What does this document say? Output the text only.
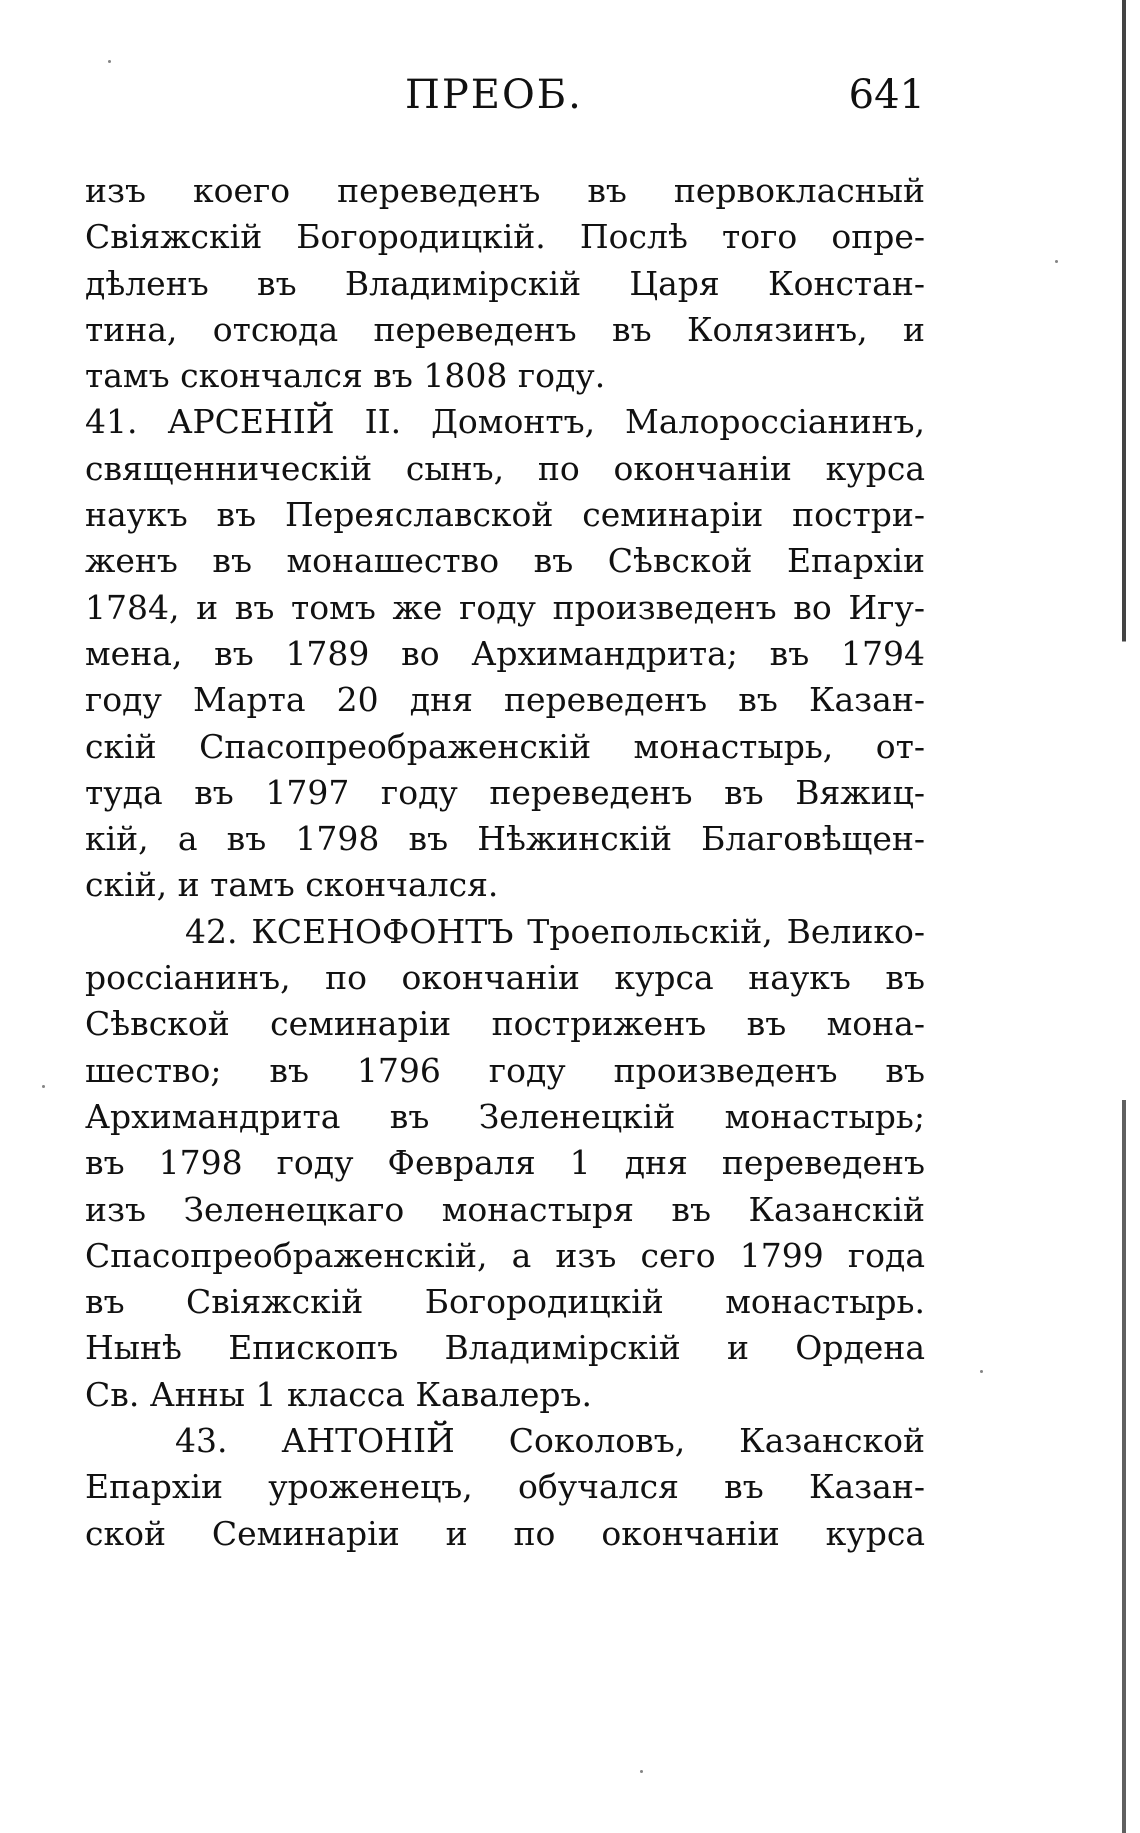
ПРЕОБ.	641
изъ коего переведенъ въ первокласный
Свіяжскій Богородицкій. Послѣ того опре-
дѣленъ въ Владимірскій Царя Констан-
тина, отсюда переведенъ въ Колязинъ, и
тамъ скончался въ 1808 году.
41. АРСЕНІЙ II. Домонтъ, Малороссіанинъ,
священническій сынъ, по окончаніи курса
наукъ въ Переяславской семинаріи постри-
женъ въ монашество въ Сѣвской Епархіи
1784, и въ томъ же году произведенъ во Игу-
мена, въ 1789 во Архимандрита; въ 1794
году Марта 20 дня переведенъ въ Казан-
скій Спасопреображенскій монастырь, от-
туда въ 1797 году переведенъ въ Вяжиц-
кій, а въ 1798 въ Нѣжинскій Благовѣщен-
скій, и тамъ скончался.
42. КСЕНОФОНТЪ Троепольскій, Велико-
россіанинъ, по окончаніи курса наукъ въ
Сѣвской семинаріи постриженъ въ мона-
шество; въ 1796 году произведенъ въ
Архимандрита въ Зеленецкій монастырь;
въ 1798 году Февраля 1 дня переведенъ
изъ Зеленецкаго монастыря въ Казанскій
Спасопреображенскій, а изъ сего 1799 года
въ Свіяжскій Богородицкій монастырь.
Нынѣ Епископъ Владимірскій и Ордена
Св. Анны 1 класса Кавалеръ.
43. АНТОНІЙ Соколовъ, Казанской
Епархіи уроженецъ, обучался въ Казан-
ской Семинаріи и по окончаніи курса
